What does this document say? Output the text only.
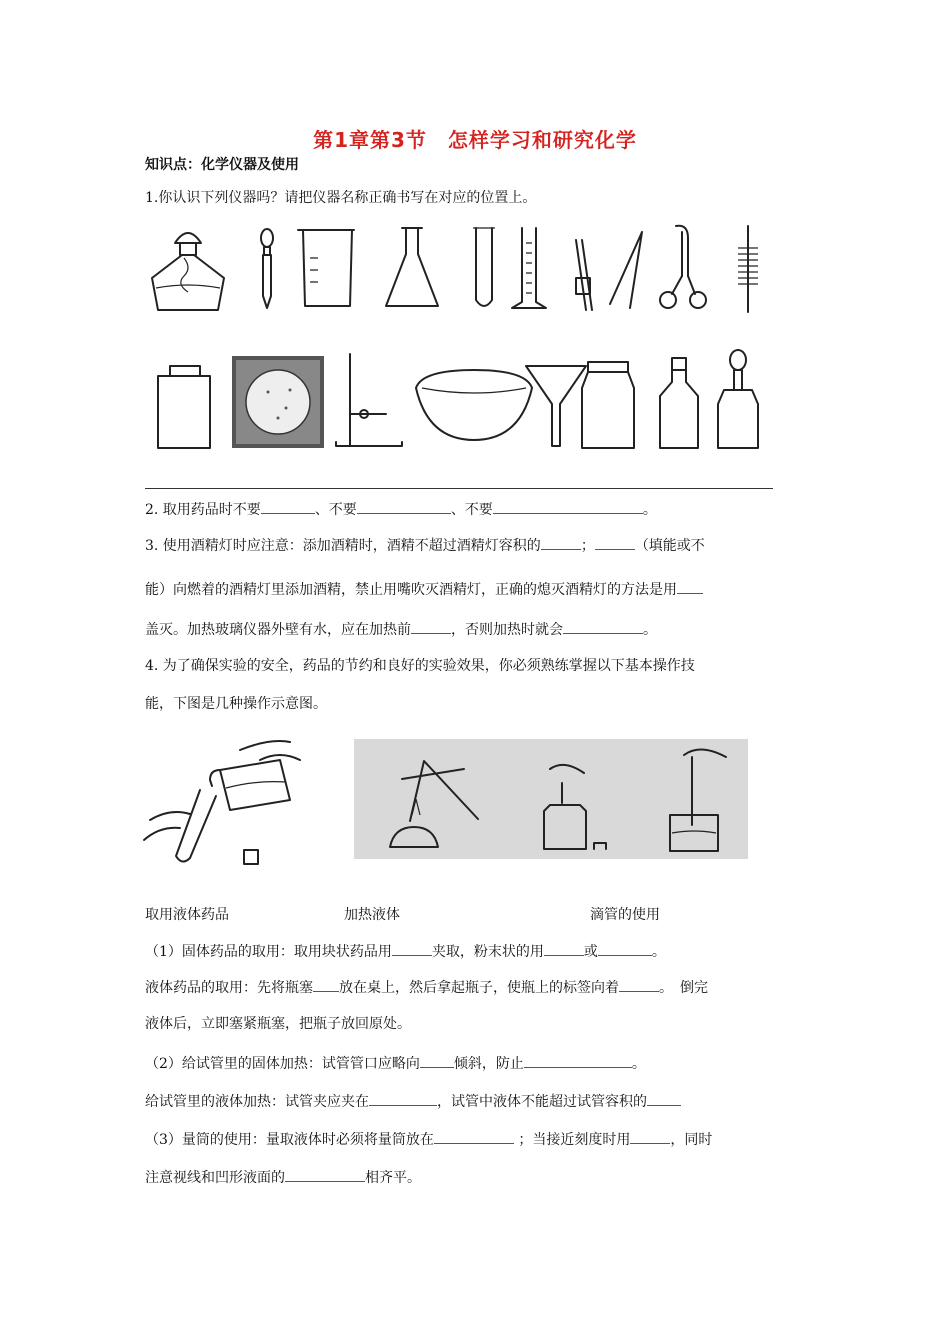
第1章第3节　怎样学习和研究化学
知识点：化学仪器及使用
1.你认识下列仪器吗？请把仪器名称正确书写在对应的位置上。
2. 取用药品时不要	、不要	、不要	。
3. 使用酒精灯时应注意：添加酒精时，酒精不超过酒精灯容积的	；	（填能或不
能）向燃着的酒精灯里添加酒精，禁止用嘴吹灭酒精灯，正确的熄灭酒精灯的方法是用
盖灭。加热玻璃仪器外壁有水，应在加热前	，否则加热时就会	。
4. 为了确保实验的安全，药品的节约和良好的实验效果，你必须熟练掌握以下基本操作技
能，下图是几种操作示意图。
取用液体药品	加热液体	滴管的使用
（1）固体药品的取用：取用块状药品用	夹取，粉末状的用	或	。
液体药品的取用：先将瓶塞 放在桌上，然后拿起瓶子，使瓶上的标签向着	。　倒完
液体后，立即塞紧瓶塞，把瓶子放回原处。
（2）给试管里的固体加热：试管管口应略向 倾斜，防止	。
给试管里的液体加热：试管夹应夹在	，试管中液体不能超过试管容积的
（3）量筒的使用：量取液体时必须将量筒放在	；当接近刻度时用	，同时
注意视线和凹形液面的	相齐平。
